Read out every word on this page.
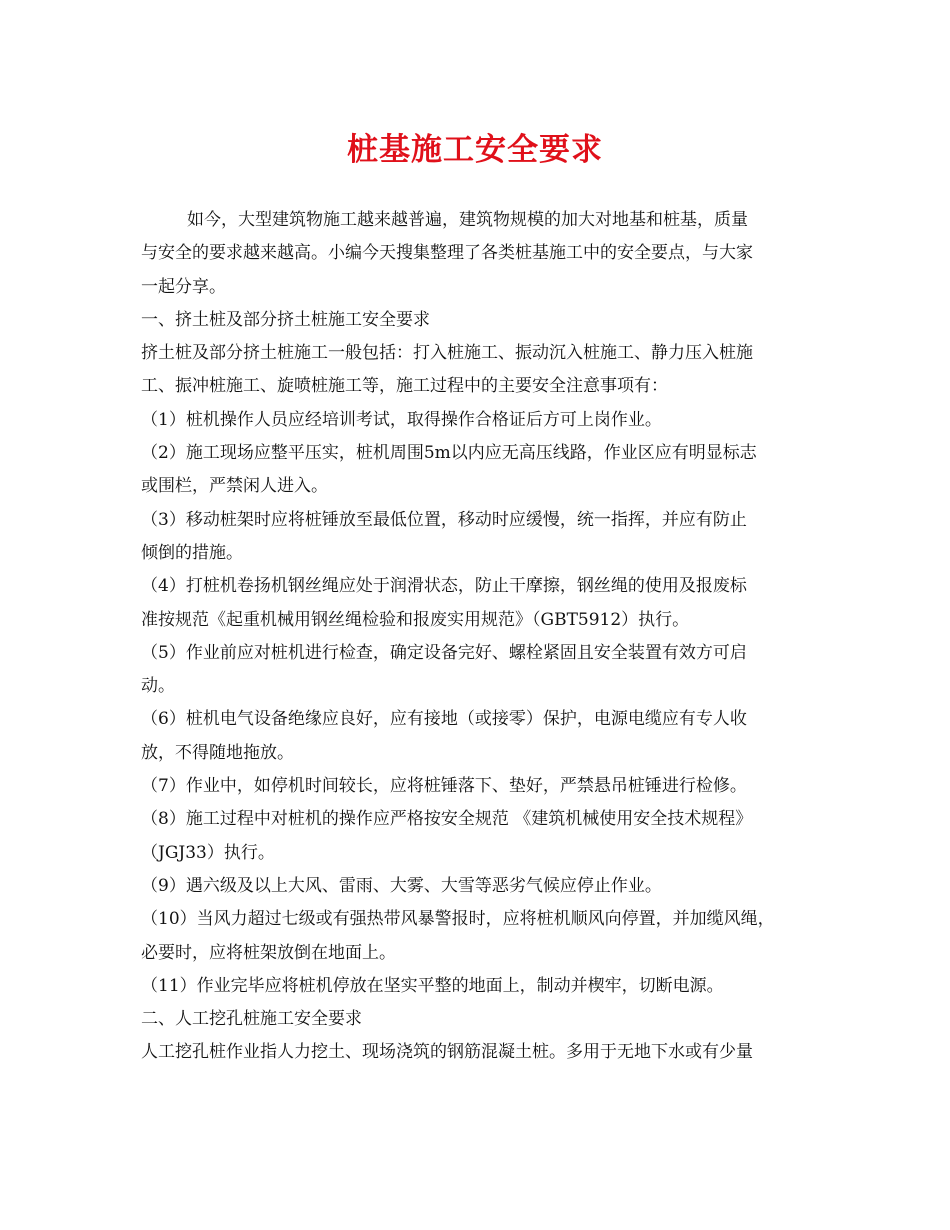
桩基施工安全要求
如今，大型建筑物施工越来越普遍，建筑物规模的加大对地基和桩基，质量
与安全的要求越来越高。小编今天搜集整理了各类桩基施工中的安全要点，与大家
一起分享。
一、挤土桩及部分挤土桩施工安全要求
挤土桩及部分挤土桩施工一般包括：打入桩施工、振动沉入桩施工、静力压入桩施
工、振冲桩施工、旋喷桩施工等，施工过程中的主要安全注意事项有：
（1）桩机操作人员应经培训考试，取得操作合格证后方可上岗作业。
（2）施工现场应整平压实，桩机周围5m以内应无高压线路，作业区应有明显标志
或围栏，严禁闲人进入。
（3）移动桩架时应将桩锤放至最低位置，移动时应缓慢，统一指挥，并应有防止
倾倒的措施。
（4）打桩机卷扬机钢丝绳应处于润滑状态，防止干摩擦，钢丝绳的使用及报废标
准按规范《起重机械用钢丝绳检验和报废实用规范》（GBT5912）执行。
（5）作业前应对桩机进行检查，确定设备完好、螺栓紧固且安全装置有效方可启
动。
（6）桩机电气设备绝缘应良好，应有接地（或接零）保护，电源电缆应有专人收
放，不得随地拖放。
（7）作业中，如停机时间较长，应将桩锤落下、垫好，严禁悬吊桩锤进行检修。
（8）施工过程中对桩机的操作应严格按安全规范 《建筑机械使用安全技术规程》
（JGJ33）执行。
（9）遇六级及以上大风、雷雨、大雾、大雪等恶劣气候应停止作业。
（10）当风力超过七级或有强热带风暴警报时，应将桩机顺风向停置，并加缆风绳，
必要时，应将桩架放倒在地面上。
（11）作业完毕应将桩机停放在坚实平整的地面上，制动并楔牢，切断电源。
二、人工挖孔桩施工安全要求
人工挖孔桩作业指人力挖土、现场浇筑的钢筋混凝土桩。多用于无地下水或有少量
